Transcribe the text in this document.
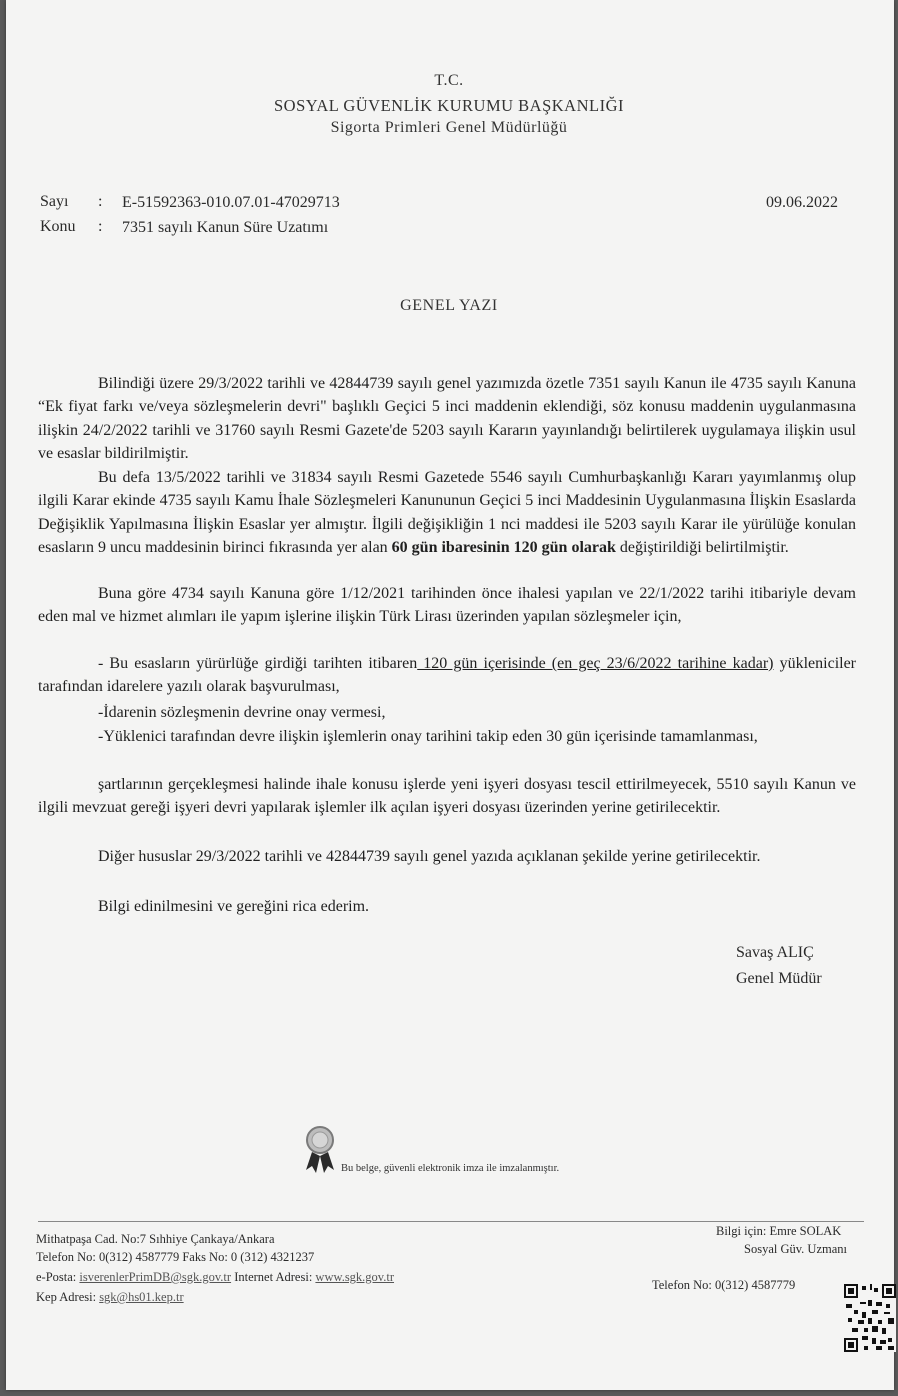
T.C.
SOSYAL GÜVENLİK KURUMU BAŞKANLIĞI
Sigorta Primleri Genel Müdürlüğü
Sayı : E-51592363-010.07.01-47029713	09.06.2022
Konu : 7351 sayılı Kanun Süre Uzatımı
GENEL YAZI

Bilindiği üzere 29/3/2022 tarihli ve 42844739 sayılı genel yazımızda özetle 7351 sayılı Kanun ile 4735 sayılı Kanuna “Ek fiyat farkı ve/veya sözleşmelerin devri" başlıklı Geçici 5 inci maddenin eklendiği, söz konusu maddenin uygulanmasına ilişkin 24/2/2022 tarihli ve 31760 sayılı Resmi Gazete'de 5203 sayılı Kararın yayınlandığı belirtilerek uygulamaya ilişkin usul ve esaslar bildirilmiştir.

Bu defa 13/5/2022 tarihli ve 31834 sayılı Resmi Gazetede 5546 sayılı Cumhurbaşkanlığı Kararı yayımlanmış olup ilgili Karar ekinde 4735 sayılı Kamu İhale Sözleşmeleri Kanununun Geçici 5 inci Maddesinin Uygulanmasına İlişkin Esaslarda Değişiklik Yapılmasına İlişkin Esaslar yer almıştır. İlgili değişikliğin 1 nci maddesi ile 5203 sayılı Karar ile yürülüğe konulan esasların 9 uncu maddesinin birinci fıkrasında yer alan 60 gün ibaresinin 120 gün olarak değiştirildiği belirtilmiştir.

Buna göre 4734 sayılı Kanuna göre 1/12/2021 tarihinden önce ihalesi yapılan ve 22/1/2022 tarihi itibariyle devam eden mal ve hizmet alımları ile yapım işlerine ilişkin Türk Lirası üzerinden yapılan sözleşmeler için,

- Bu esasların yürürlüğe girdiği tarihten itibaren 120 gün içerisinde (en geç 23/6/2022 tarihine kadar) yükleniciler tarafından idarelere yazılı olarak başvurulması,

-İdarenin sözleşmenin devrine onay vermesi,

-Yüklenici tarafından devre ilişkin işlemlerin onay tarihini takip eden 30 gün içerisinde tamamlanması,

şartlarının gerçekleşmesi halinde ihale konusu işlerde yeni işyeri dosyası tescil ettirilmeyecek, 5510 sayılı Kanun ve ilgili mevzuat gereği işyeri devri yapılarak işlemler ilk açılan işyeri dosyası üzerinden yerine getirilecektir.

Diğer hususlar 29/3/2022 tarihli ve 42844739 sayılı genel yazıda açıklanan şekilde yerine getirilecektir.

Bilgi edinilmesini ve gereğini rica ederim.

Savaş ALIÇ
Genel Müdür
Bu belge, güvenli elektronik imza ile imzalanmıştır.
Mithatpaşa Cad. No:7 Sıhhiye Çankaya/Ankara
Telefon No: 0(312) 4587779 Faks No: 0 (312) 4321237
e-Posta: isverenlerPrimDB@sgk.gov.tr Internet Adresi: www.sgk.gov.tr
Kep Adresi: sgk@hs01.kep.tr
Bilgi için: Emre SOLAK
Sosyal Güv. Uzmanı
Telefon No: 0(312) 4587779
